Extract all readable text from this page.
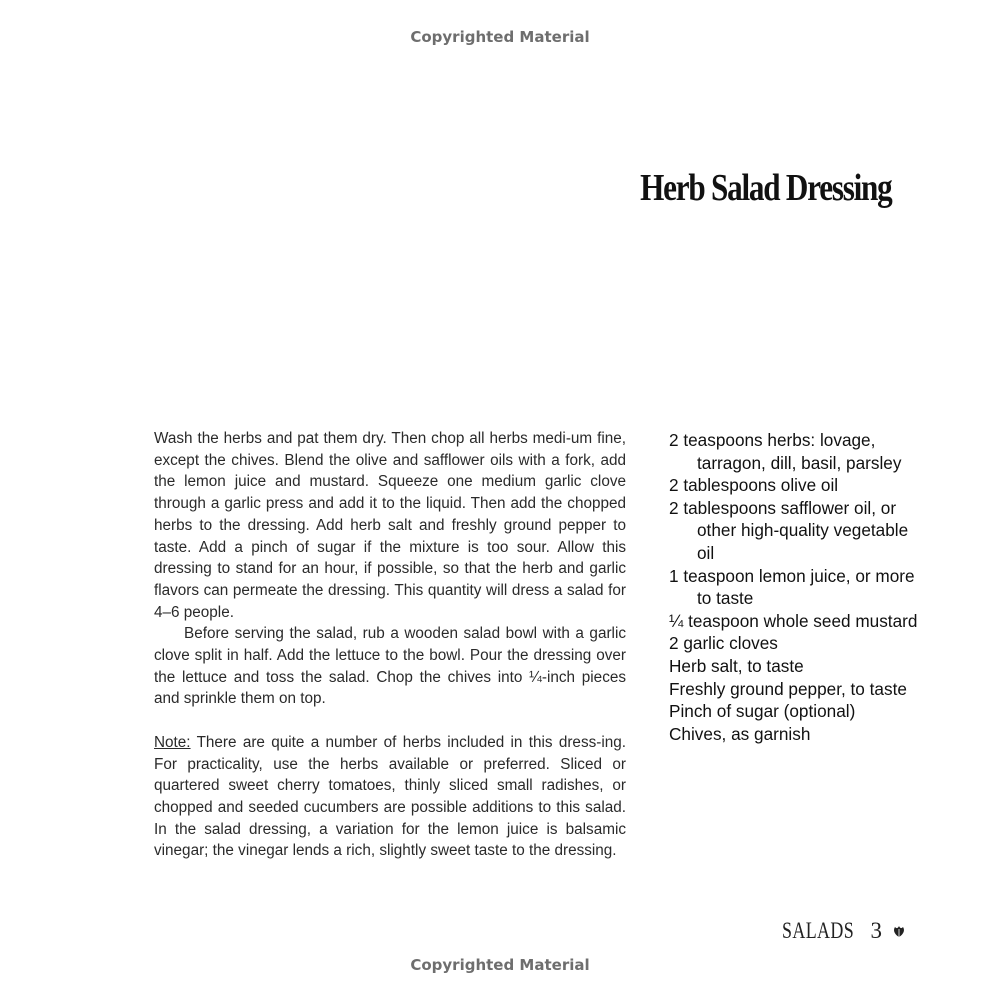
Copyrighted Material
Herb Salad Dressing

Wash the herbs and pat them dry. Then chop all herbs medi-um fine, except the chives. Blend the olive and safflower oils with a fork, add the lemon juice and mustard. Squeeze one medium garlic clove through a garlic press and add it to the liquid. Then add the chopped herbs to the dressing. Add herb salt and freshly ground pepper to taste. Add a pinch of sugar if the mixture is too sour. Allow this dressing to stand for an hour, if possible, so that the herb and garlic flavors can permeate the dressing. This quantity will dress a salad for 4–6 people.

Before serving the salad, rub a wooden salad bowl with a garlic clove split in half. Add the lettuce to the bowl. Pour the dressing over the lettuce and toss the salad. Chop the chives into ¼-inch pieces and sprinkle them on top.

Note: There are quite a number of herbs included in this dress-ing. For practicality, use the herbs available or preferred. Sliced or quartered sweet cherry tomatoes, thinly sliced small radishes, or chopped and seeded cucumbers are possible additions to this salad. In the salad dressing, a variation for the lemon juice is balsamic vinegar; the vinegar lends a rich, slightly sweet taste to the dressing.

2 teaspoons herbs: lovage, tarragon, dill, basil, parsley
2 tablespoons olive oil
2 tablespoons safflower oil, or other high-quality vegetable oil
1 teaspoon lemon juice, or more to taste
¼ teaspoon whole seed mustard
2 garlic cloves
Herb salt, to taste
Freshly ground pepper, to taste
Pinch of sugar (optional)
Chives, as garnish
SALADS 3
Copyrighted Material
